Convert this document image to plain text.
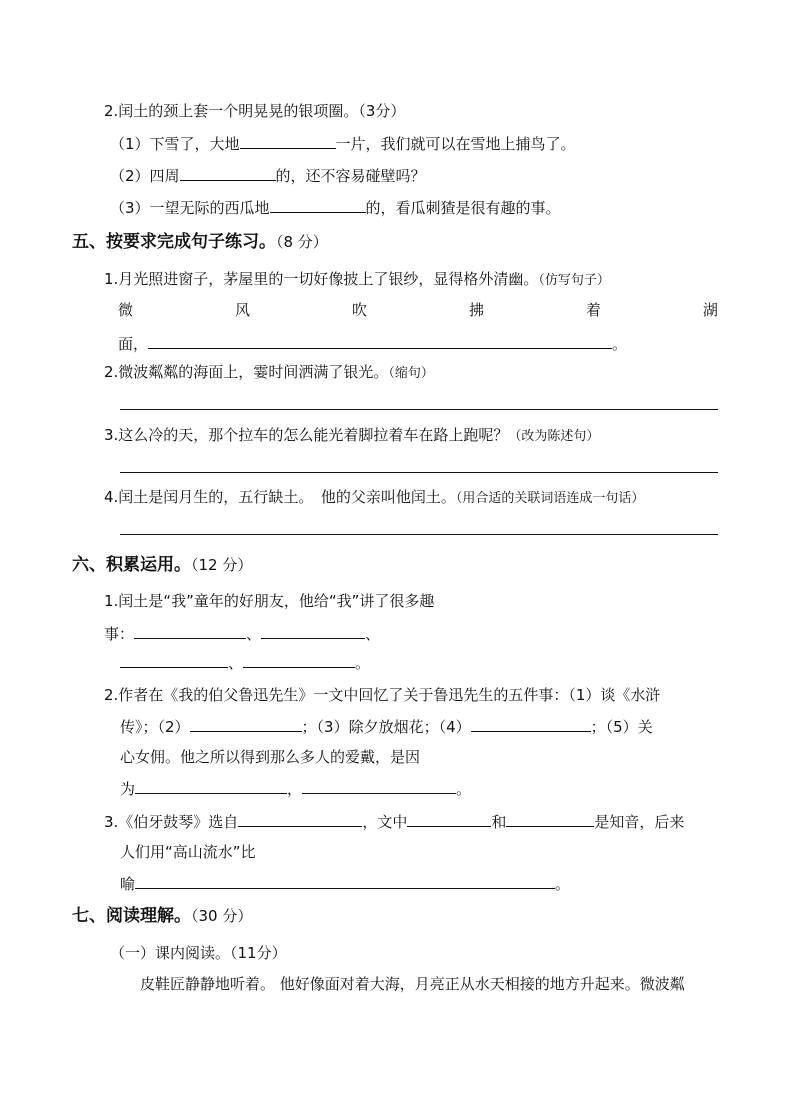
2.闰土的颈上套一个明晃晃的银项圈。（3分）
（1）下雪了，大地	一片，我们就可以在雪地上捕鸟了。
（2）四周	的，还不容易碰壁吗？
（3）一望无际的西瓜地	的，看瓜刺猹是很有趣的事。
五、按要求完成句子练习。（8 分）
1.月光照进窗子，茅屋里的一切好像披上了银纱，显得格外清幽。（仿写句子）
微	风	吹	拂	着	湖
面，	。
2.微波粼粼的海面上，霎时间洒满了银光。（缩句）
3.这么冷的天，那个拉车的怎么能光着脚拉着车在路上跑呢？（改为陈述句）
4.闰土是闰月生的，五行缺土。　他的父亲叫他闰土。（用合适的关联词语连成一句话）
六、积累运用。（12 分）
1.闰土是“我”童年的好朋友，他给“我”讲了很多趣
事：	、	、
、	。
2.作者在《我的伯父鲁迅先生》一文中回忆了关于鲁迅先生的五件事：（1）谈《水浒
传》；（2）	；（3）除夕放烟花；（4）	；（5）关
心女佣。他之所以得到那么多人的爱戴，是因
为	，	。
3.《伯牙鼓琴》选自	，文中	和	是知音，后来
人们用“高山流水”比
喻	。
七、阅读理解。（30 分）
（一）课内阅读。（11分）
皮鞋匠静静地听着。 他好像面对着大海，月亮正从水天相接的地方升起来。微波粼
